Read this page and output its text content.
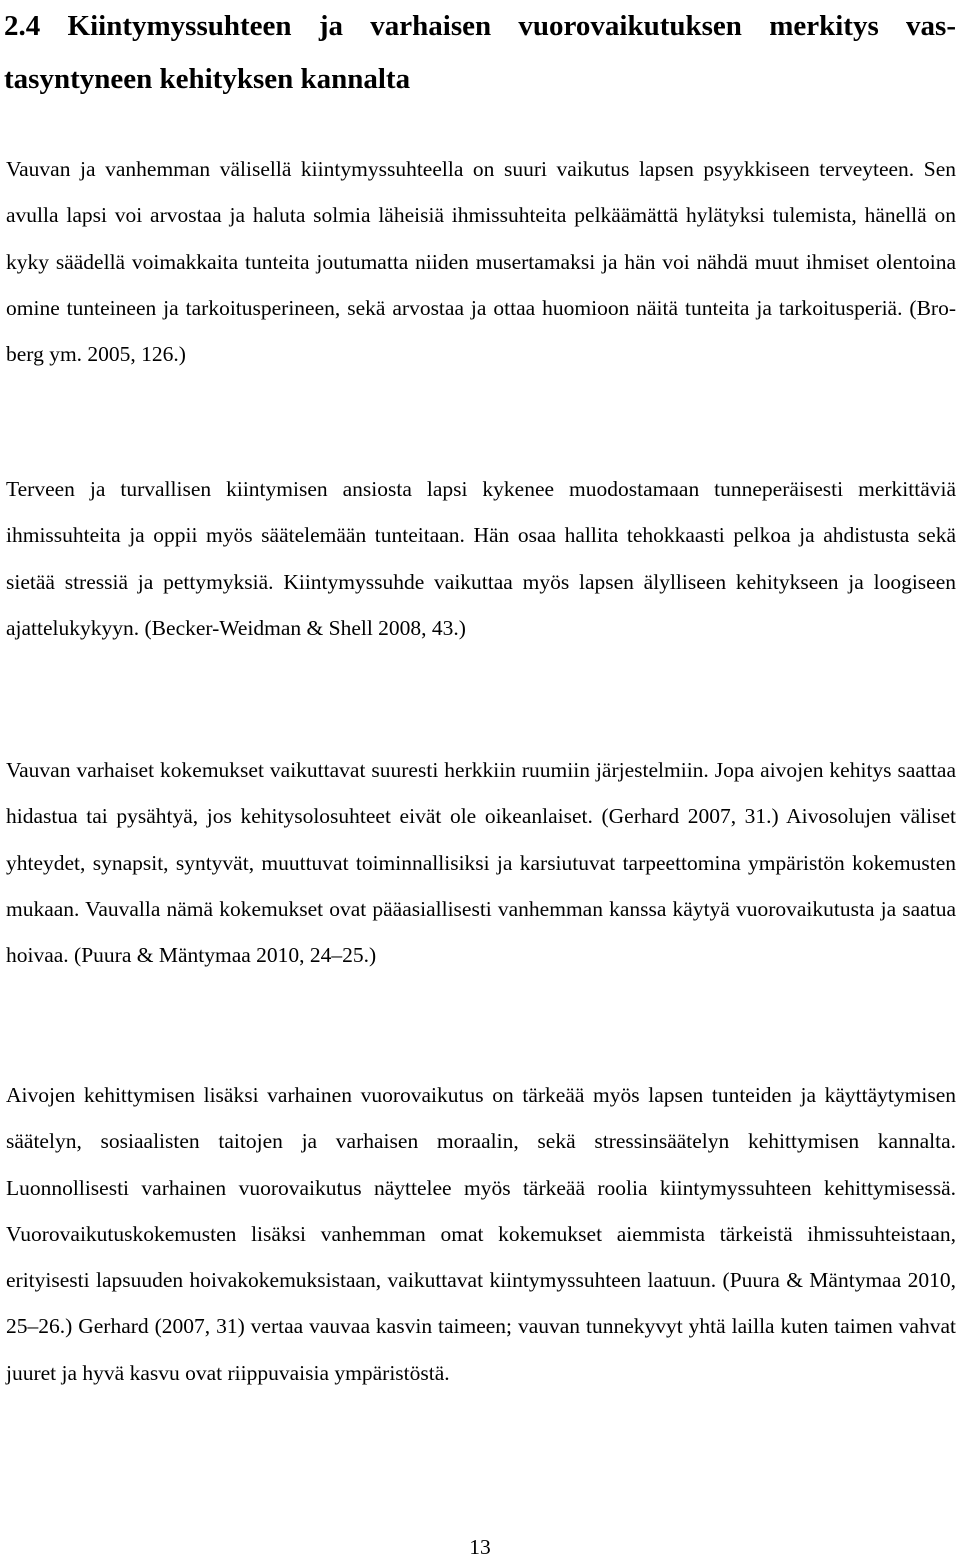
2.4 Kiintymyssuhteen ja varhaisen vuorovaikutuksen merkitys vastasyntyneen kehityksen kannalta

Vauvan ja vanhemman välisellä kiintymyssuhteella on suuri vaikutus lapsen psyykkiseen terveyteen. Sen avulla lapsi voi arvostaa ja haluta solmia läheisiä ihmissuhteita pelkäämättä hylätyksi tulemista, hänellä on kyky säädellä voimakkaita tunteita joutumatta niiden musertamaksi ja hän voi nähdä muut ihmiset olentoina omine tunteineen ja tarkoitusperineen, sekä arvostaa ja ottaa huomioon näitä tunteita ja tarkoitusperiä. (Broberg ym. 2005, 126.)

Terveen ja turvallisen kiintymisen ansiosta lapsi kykenee muodostamaan tunneperäisesti merkittäviä ihmissuhteita ja oppii myös säätelemään tunteitaan. Hän osaa hallita tehokkaasti pelkoa ja ahdistusta sekä sietää stressiä ja pettymyksiä. Kiintymyssuhde vaikuttaa myös lapsen älylliseen kehitykseen ja loogiseen ajattelukykyyn. (Becker-Weidman & Shell 2008, 43.)

Vauvan varhaiset kokemukset vaikuttavat suuresti herkkiin ruumiin järjestelmiin. Jopa aivojen kehitys saattaa hidastua tai pysähtyä, jos kehitysolosuhteet eivät ole oikeanlaiset. (Gerhard 2007, 31.) Aivosolujen väliset yhteydet, synapsit, syntyvät, muuttuvat toiminnallisiksi ja karsiutuvat tarpeettomina ympäristön kokemusten mukaan. Vauvalla nämä kokemukset ovat pääasiallisesti vanhemman kanssa käytyä vuorovaikutusta ja saatua hoivaa. (Puura & Mäntymaa 2010, 24–25.)

Aivojen kehittymisen lisäksi varhainen vuorovaikutus on tärkeää myös lapsen tunteiden ja käyttäytymisen säätelyn, sosiaalisten taitojen ja varhaisen moraalin, sekä stressinsäätelyn kehittymisen kannalta. Luonnollisesti varhainen vuorovaikutus näyttelee myös tärkeää roolia kiintymyssuhteen kehittymisessä. Vuorovaikutuskokemusten lisäksi vanhemman omat kokemukset aiemmista tärkeistä ihmissuhteistaan, erityisesti lapsuuden hoivakokemuksistaan, vaikuttavat kiintymyssuhteen laatuun. (Puura & Mäntymaa 2010, 25–26.) Gerhard (2007, 31) vertaa vauvaa kasvin taimeen; vauvan tunnekyvyt yhtä lailla kuten taimen vahvat juuret ja hyvä kasvu ovat riippuvaisia ympäristöstä.

13
